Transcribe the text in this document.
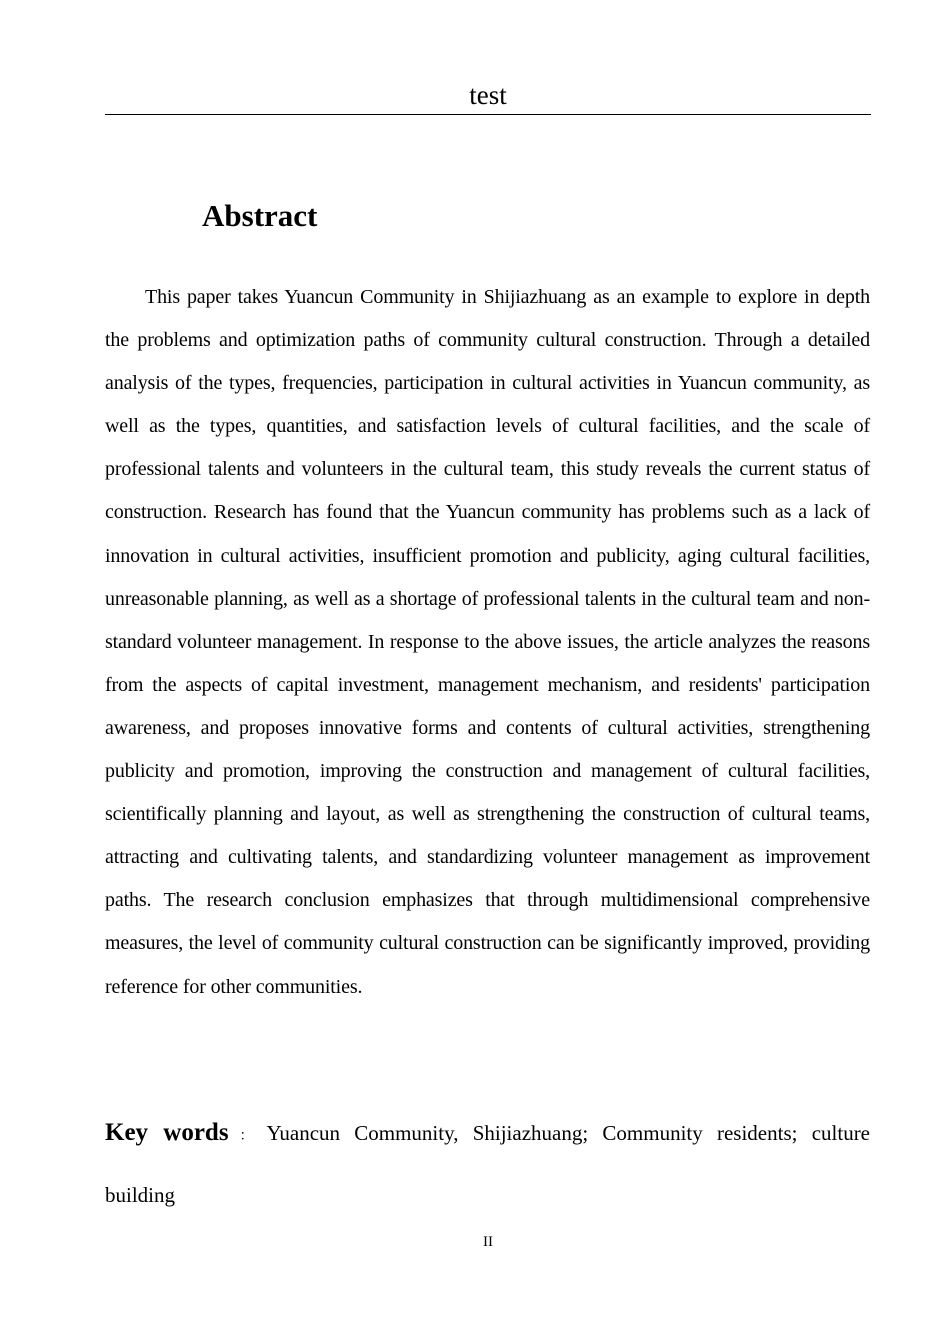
test
Abstract

This paper takes Yuancun Community in Shijiazhuang as an example to explore in depth the problems and optimization paths of community cultural construction. Through a detailed analysis of the types, frequencies, participation in cultural activities in Yuancun community, as well as the types, quantities, and satisfaction levels of cultural facilities, and the scale of professional talents and volunteers in the cultural team, this study reveals the current status of construction. Research has found that the Yuancun community has problems such as a lack of innovation in cultural activities, insufficient promotion and publicity, aging cultural facilities, unreasonable planning, as well as a shortage of professional talents in the cultural team and non-standard volunteer management. In response to the above issues, the article analyzes the reasons from the aspects of capital investment, management mechanism, and residents' participation awareness, and proposes innovative forms and contents of cultural activities, strengthening publicity and promotion, improving the construction and management of cultural facilities, scientifically planning and layout, as well as strengthening the construction of cultural teams, attracting and cultivating talents, and standardizing volunteer management as improvement paths. The research conclusion emphasizes that through multidimensional comprehensive measures, the level of community cultural construction can be significantly improved, providing reference for other communities.

Key words ： Yuancun Community, Shijiazhuang; Community residents; culture building

II
